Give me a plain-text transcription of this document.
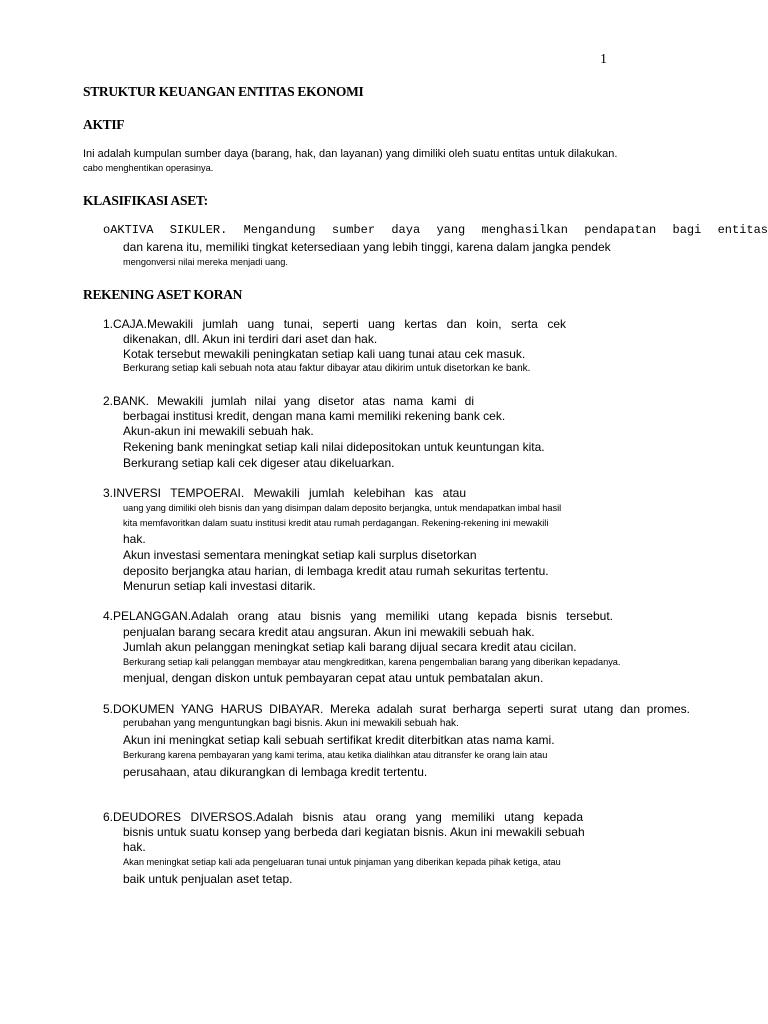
1
STRUKTUR KEUANGAN ENTITAS EKONOMI
AKTIF
Ini adalah kumpulan sumber daya (barang, hak, dan layanan) yang dimiliki oleh suatu entitas untuk dilakukan.
cabo menghentikan operasinya.
KLASIFIKASI ASET:
oAKTIVA SIKULER. Mengandung sumber daya yang menghasilkan pendapatan bagi entitas
dan karena itu, memiliki tingkat ketersediaan yang lebih tinggi, karena dalam jangka pendek
mengonversi nilai mereka menjadi uang.
REKENING ASET KORAN
1.CAJA.Mewakili jumlah uang tunai, seperti uang kertas dan koin, serta cek
dikenakan, dll. Akun ini terdiri dari aset dan hak.
Kotak tersebut mewakili peningkatan setiap kali uang tunai atau cek masuk.
Berkurang setiap kali sebuah nota atau faktur dibayar atau dikirim untuk disetorkan ke bank.
2.BANK. Mewakili jumlah nilai yang disetor atas nama kami di
berbagai institusi kredit, dengan mana kami memiliki rekening bank cek.
Akun-akun ini mewakili sebuah hak.
Rekening bank meningkat setiap kali nilai didepositokan untuk keuntungan kita.
Berkurang setiap kali cek digeser atau dikeluarkan.
3.INVERSI TEMPOERAI. Mewakili jumlah kelebihan kas atau
uang yang dimiliki oleh bisnis dan yang disimpan dalam deposito berjangka, untuk mendapatkan imbal hasil
kita memfavoritkan dalam suatu institusi kredit atau rumah perdagangan. Rekening-rekening ini mewakili
hak.
Akun investasi sementara meningkat setiap kali surplus disetorkan
deposito berjangka atau harian, di lembaga kredit atau rumah sekuritas tertentu.
Menurun setiap kali investasi ditarik.
4.PELANGGAN.Adalah orang atau bisnis yang memiliki utang kepada bisnis tersebut.
penjualan barang secara kredit atau angsuran. Akun ini mewakili sebuah hak.
Jumlah akun pelanggan meningkat setiap kali barang dijual secara kredit atau cicilan.
Berkurang setiap kali pelanggan membayar atau mengkreditkan, karena pengembalian barang yang diberikan kepadanya.
menjual, dengan diskon untuk pembayaran cepat atau untuk pembatalan akun.
5.DOKUMEN YANG HARUS DIBAYAR. Mereka adalah surat berharga seperti surat utang dan promes.
perubahan yang menguntungkan bagi bisnis. Akun ini mewakili sebuah hak.
Akun ini meningkat setiap kali sebuah sertifikat kredit diterbitkan atas nama kami.
Berkurang karena pembayaran yang kami terima, atau ketika dialihkan atau ditransfer ke orang lain atau
perusahaan, atau dikurangkan di lembaga kredit tertentu.
6.DEUDORES DIVERSOS.Adalah bisnis atau orang yang memiliki utang kepada
bisnis untuk suatu konsep yang berbeda dari kegiatan bisnis. Akun ini mewakili sebuah
hak.
Akan meningkat setiap kali ada pengeluaran tunai untuk pinjaman yang diberikan kepada pihak ketiga, atau
baik untuk penjualan aset tetap.
